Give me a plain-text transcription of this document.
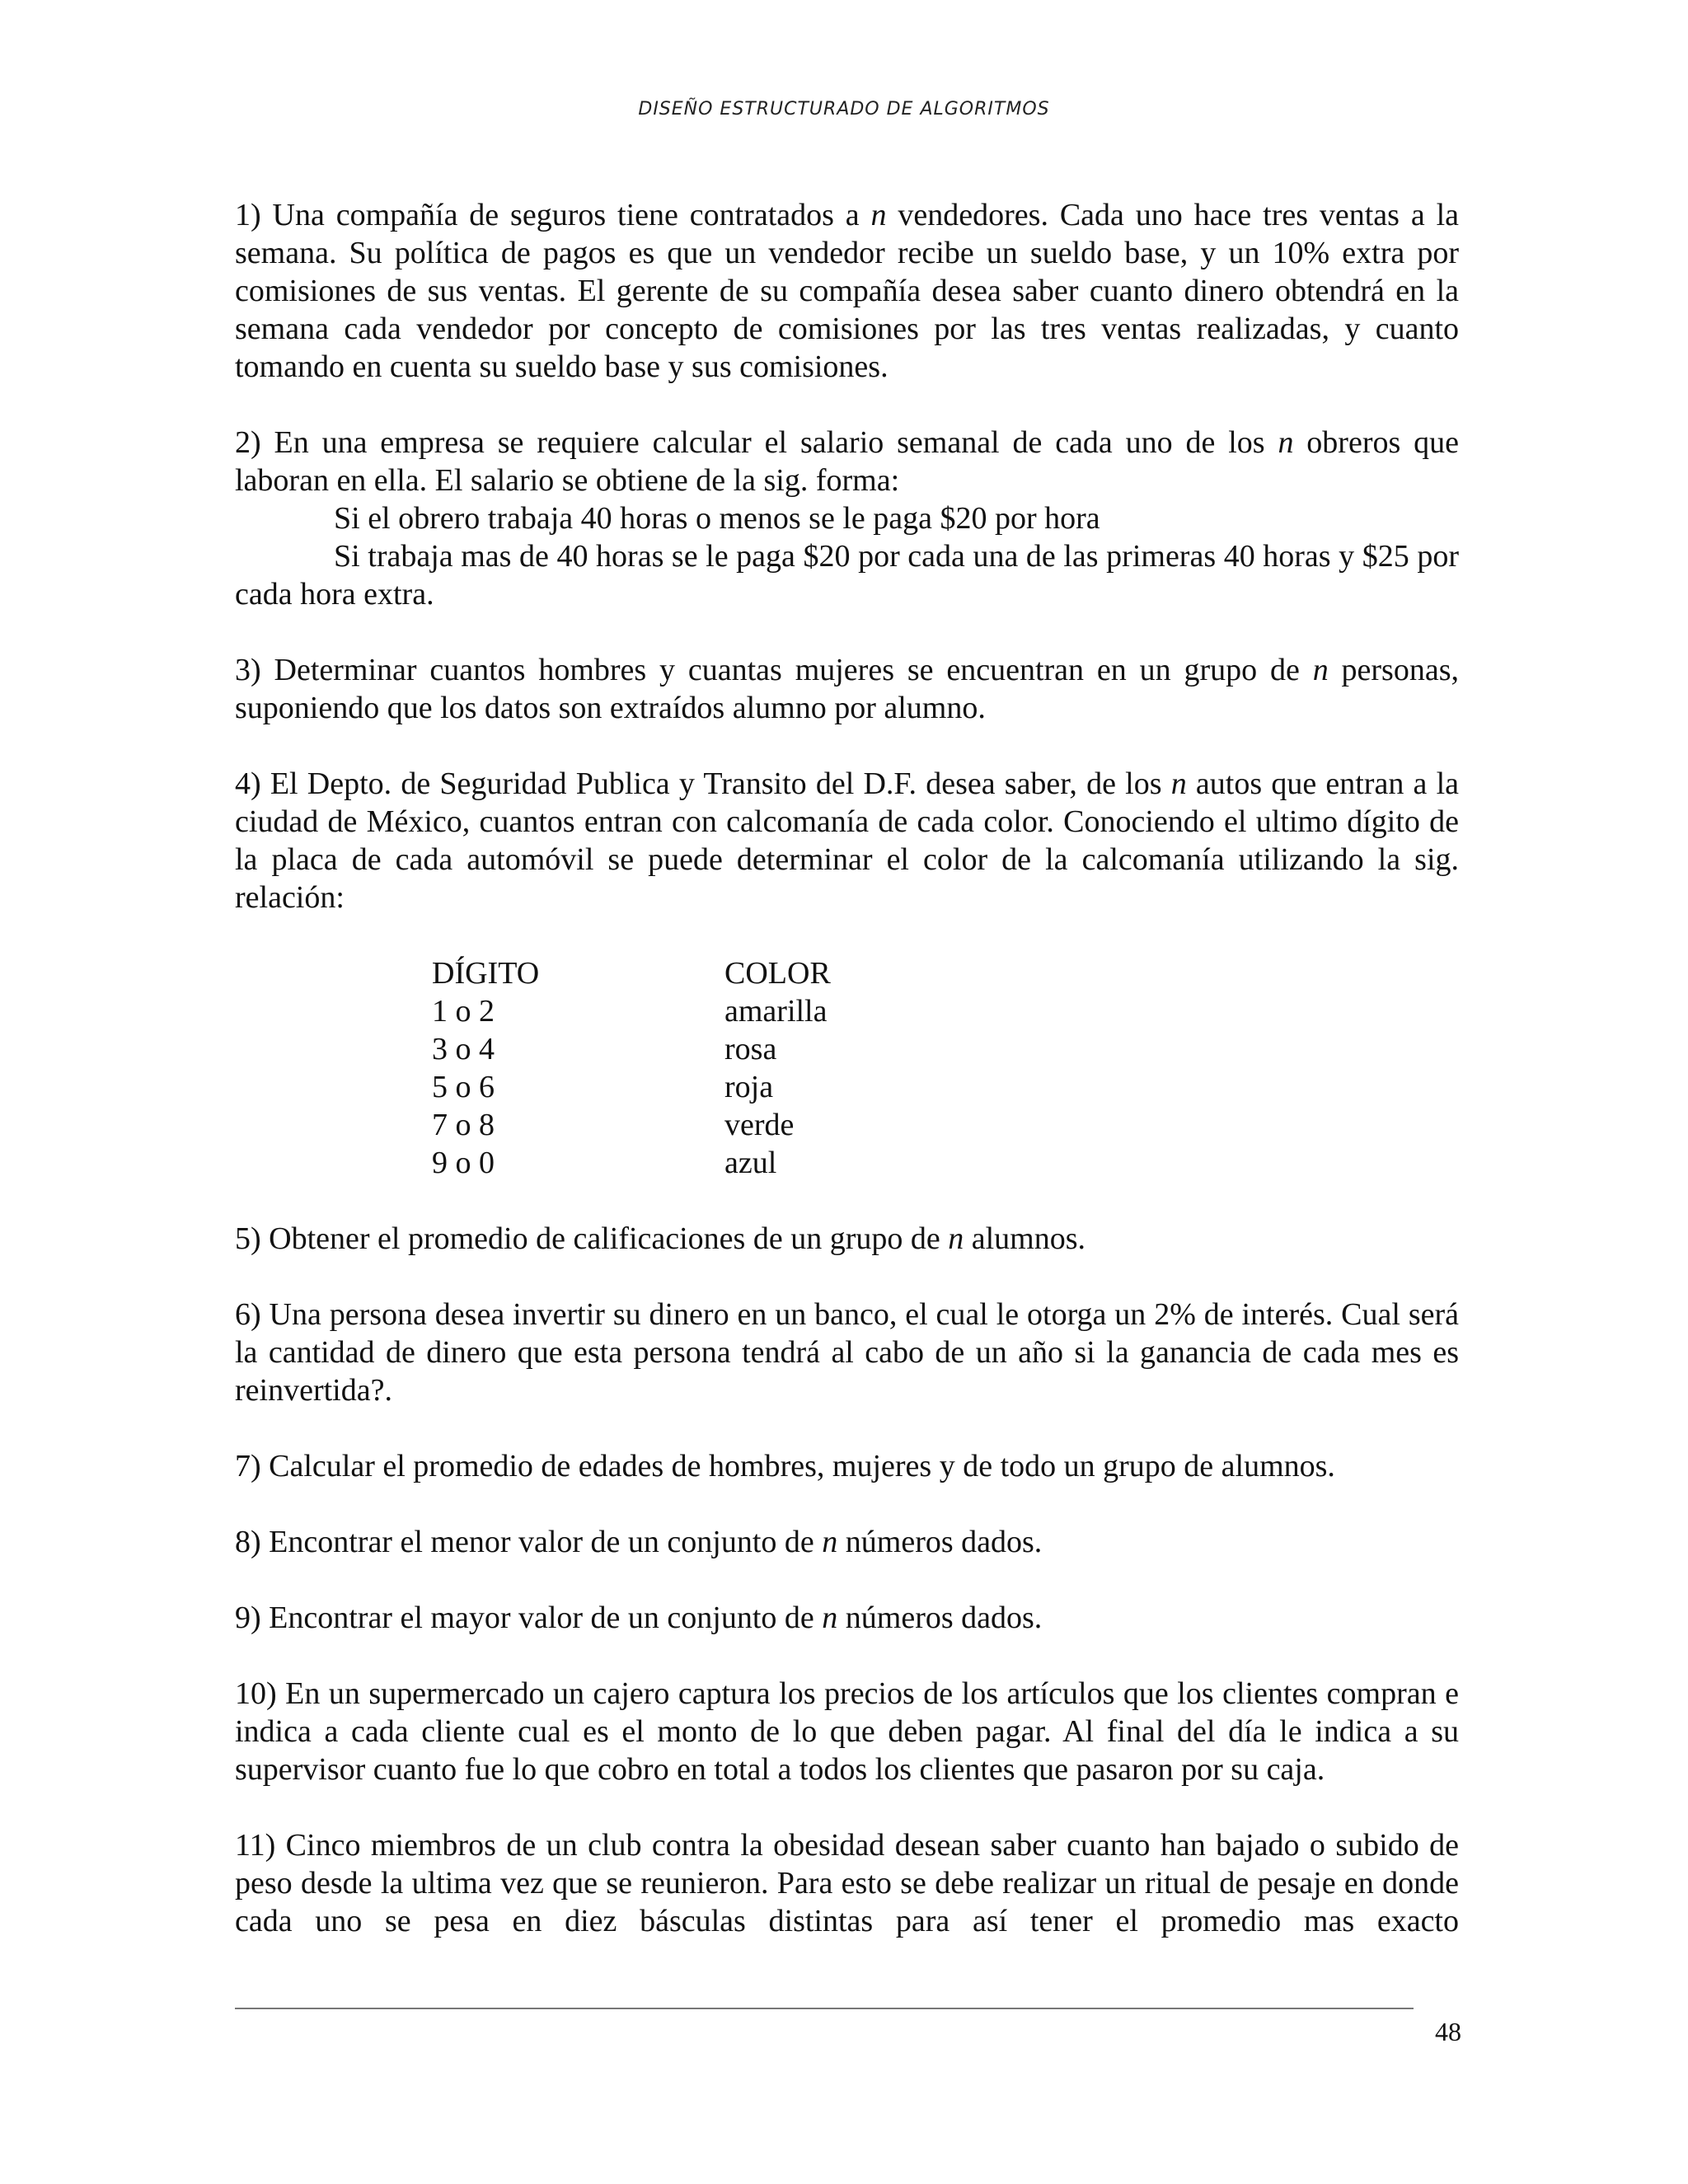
DISEÑO ESTRUCTURADO DE ALGORITMOS

1) Una compañía de seguros tiene contratados a n vendedores. Cada uno hace tres ventas a la semana. Su política de pagos es que un vendedor recibe un sueldo base, y un 10% extra por comisiones de sus ventas. El gerente de su compañía desea saber cuanto dinero obtendrá en la semana cada vendedor por concepto de comisiones por las tres ventas realizadas, y cuanto tomando en cuenta su sueldo base y sus comisiones.

2) En una empresa se requiere calcular el salario semanal de cada uno de los n obreros que laboran en ella. El salario se obtiene de la sig. forma:

Si el obrero trabaja 40 horas o menos se le paga $20 por hora

Si trabaja mas de 40 horas se le paga $20 por cada una de las primeras 40 horas y $25 por cada hora extra.

3) Determinar cuantos hombres y cuantas mujeres se encuentran en un grupo de n personas, suponiendo que los datos son extraídos alumno por alumno.

4) El Depto. de Seguridad Publica y Transito del D.F. desea saber, de los n autos que entran a la ciudad de México, cuantos entran con calcomanía de cada color. Conociendo el ultimo dígito de la placa de cada automóvil se puede determinar el color de la calcomanía utilizando la sig. relación:

DÍGITO	COLOR
1 o 2	amarilla
3 o 4	rosa
5 o 6	roja
7 o 8	verde
9 o 0	azul

5) Obtener el promedio de calificaciones de un grupo de n alumnos.

6) Una persona desea invertir su dinero en un banco, el cual le otorga un 2% de interés. Cual será la cantidad de dinero que esta persona tendrá al cabo de un año si la ganancia de cada mes es reinvertida?.

7) Calcular el promedio de edades de hombres, mujeres y de todo un grupo de alumnos.

8) Encontrar el menor valor de un conjunto de n números dados.

9) Encontrar el mayor valor de un conjunto de n números dados.

10) En un supermercado un cajero captura los precios de los artículos que los clientes compran e indica a cada cliente cual es el monto de lo que deben pagar. Al final del día le indica a su supervisor cuanto fue lo que cobro en total a todos los clientes que pasaron por su caja.

11) Cinco miembros de un club contra la obesidad desean saber cuanto han bajado o subido de peso desde la ultima vez que se reunieron. Para esto se debe realizar un ritual de pesaje en donde cada uno se pesa en diez básculas distintas para así tener el promedio mas exacto

48
